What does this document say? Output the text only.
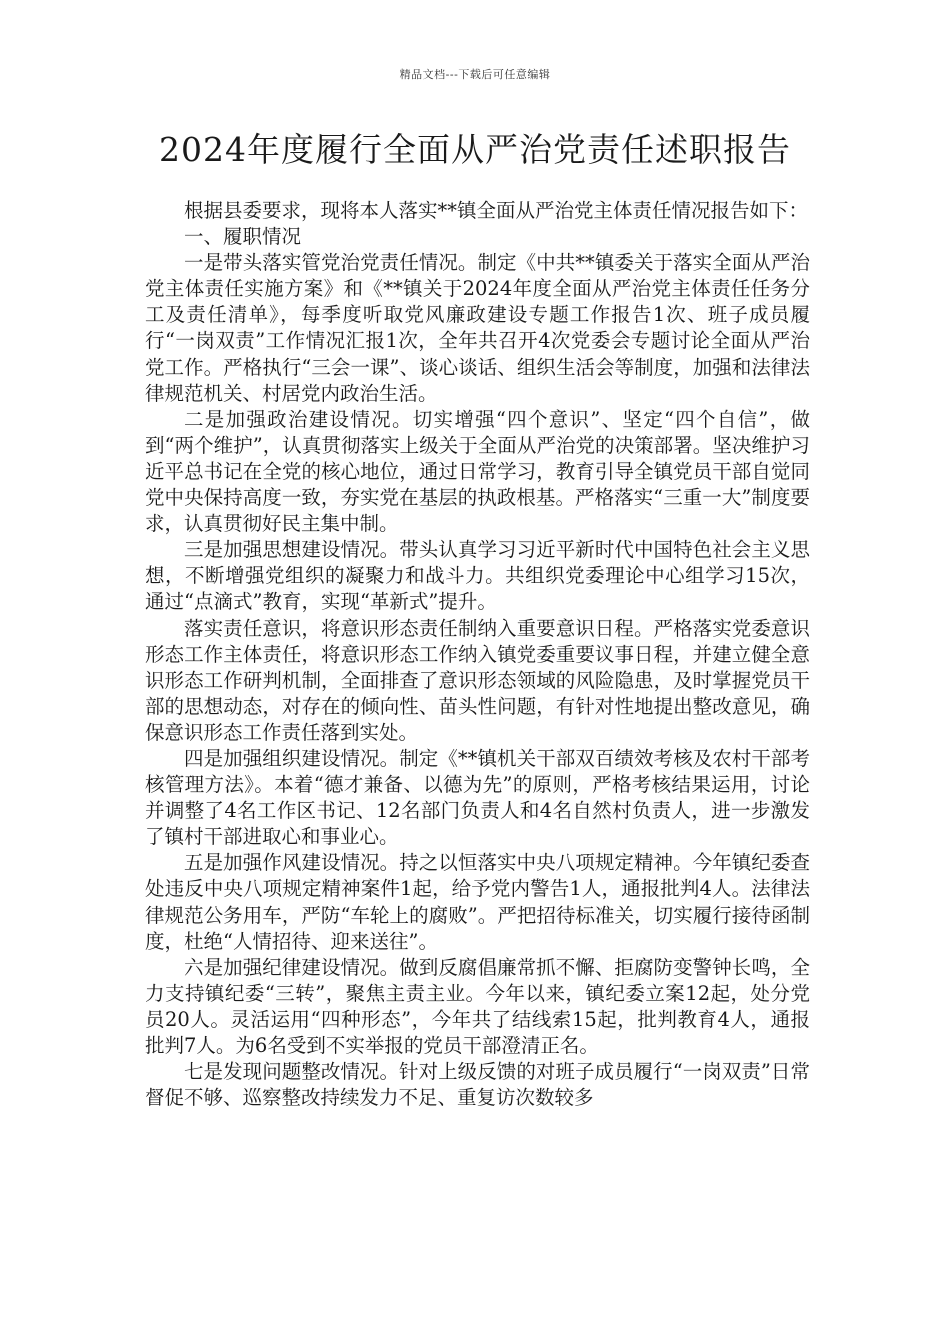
精品文档---下载后可任意编辑
2024年度履行全面从严治党责任述职报告

根据县委要求，现将本人落实**镇全面从严治党主体责任情况报告如下：

一、履职情况

一是带头落实管党治党责任情况。制定《中共**镇委关于落实全面从严治党主体责任实施方案》和《**镇关于2024年度全面从严治党主体责任任务分工及责任清单》，每季度听取党风廉政建设专题工作报告1次、班子成员履行“一岗双责”工作情况汇报1次，全年共召开4次党委会专题讨论全面从严治党工作。严格执行“三会一课”、谈心谈话、组织生活会等制度，加强和法律法律规范机关、村居党内政治生活。

二是加强政治建设情况。切实增强“四个意识”、坚定“四个自信”，做到“两个维护”，认真贯彻落实上级关于全面从严治党的决策部署。坚决维护习近平总书记在全党的核心地位，通过日常学习，教育引导全镇党员干部自觉同党中央保持高度一致，夯实党在基层的执政根基。严格落实“三重一大”制度要求，认真贯彻好民主集中制。

三是加强思想建设情况。带头认真学习习近平新时代中国特色社会主义思想，不断增强党组织的凝聚力和战斗力。共组织党委理论中心组学习15次，通过“点滴式”教育，实现“革新式”提升。

落实责任意识，将意识形态责任制纳入重要意识日程。严格落实党委意识形态工作主体责任，将意识形态工作纳入镇党委重要议事日程，并建立健全意识形态工作研判机制，全面排查了意识形态领域的风险隐患，及时掌握党员干部的思想动态，对存在的倾向性、苗头性问题，有针对性地提出整改意见，确保意识形态工作责任落到实处。

四是加强组织建设情况。制定《**镇机关干部双百绩效考核及农村干部考核管理方法》。本着“德才兼备、以德为先”的原则，严格考核结果运用，讨论并调整了4名工作区书记、12名部门负责人和4名自然村负责人，进一步激发了镇村干部进取心和事业心。

五是加强作风建设情况。持之以恒落实中央八项规定精神。今年镇纪委查处违反中央八项规定精神案件1起，给予党内警告1人，通报批判4人。法律法律规范公务用车，严防“车轮上的腐败”。严把招待标准关，切实履行接待函制度，杜绝“人情招待、迎来送往”。

六是加强纪律建设情况。做到反腐倡廉常抓不懈、拒腐防变警钟长鸣，全力支持镇纪委“三转”，聚焦主责主业。今年以来，镇纪委立案12起，处分党员20人。灵活运用“四种形态”，今年共了结线索15起，批判教育4人，通报批判7人。为6名受到不实举报的党员干部澄清正名。

七是发现问题整改情况。针对上级反馈的对班子成员履行“一岗双责”日常督促不够、巡察整改持续发力不足、重复访次数较多
